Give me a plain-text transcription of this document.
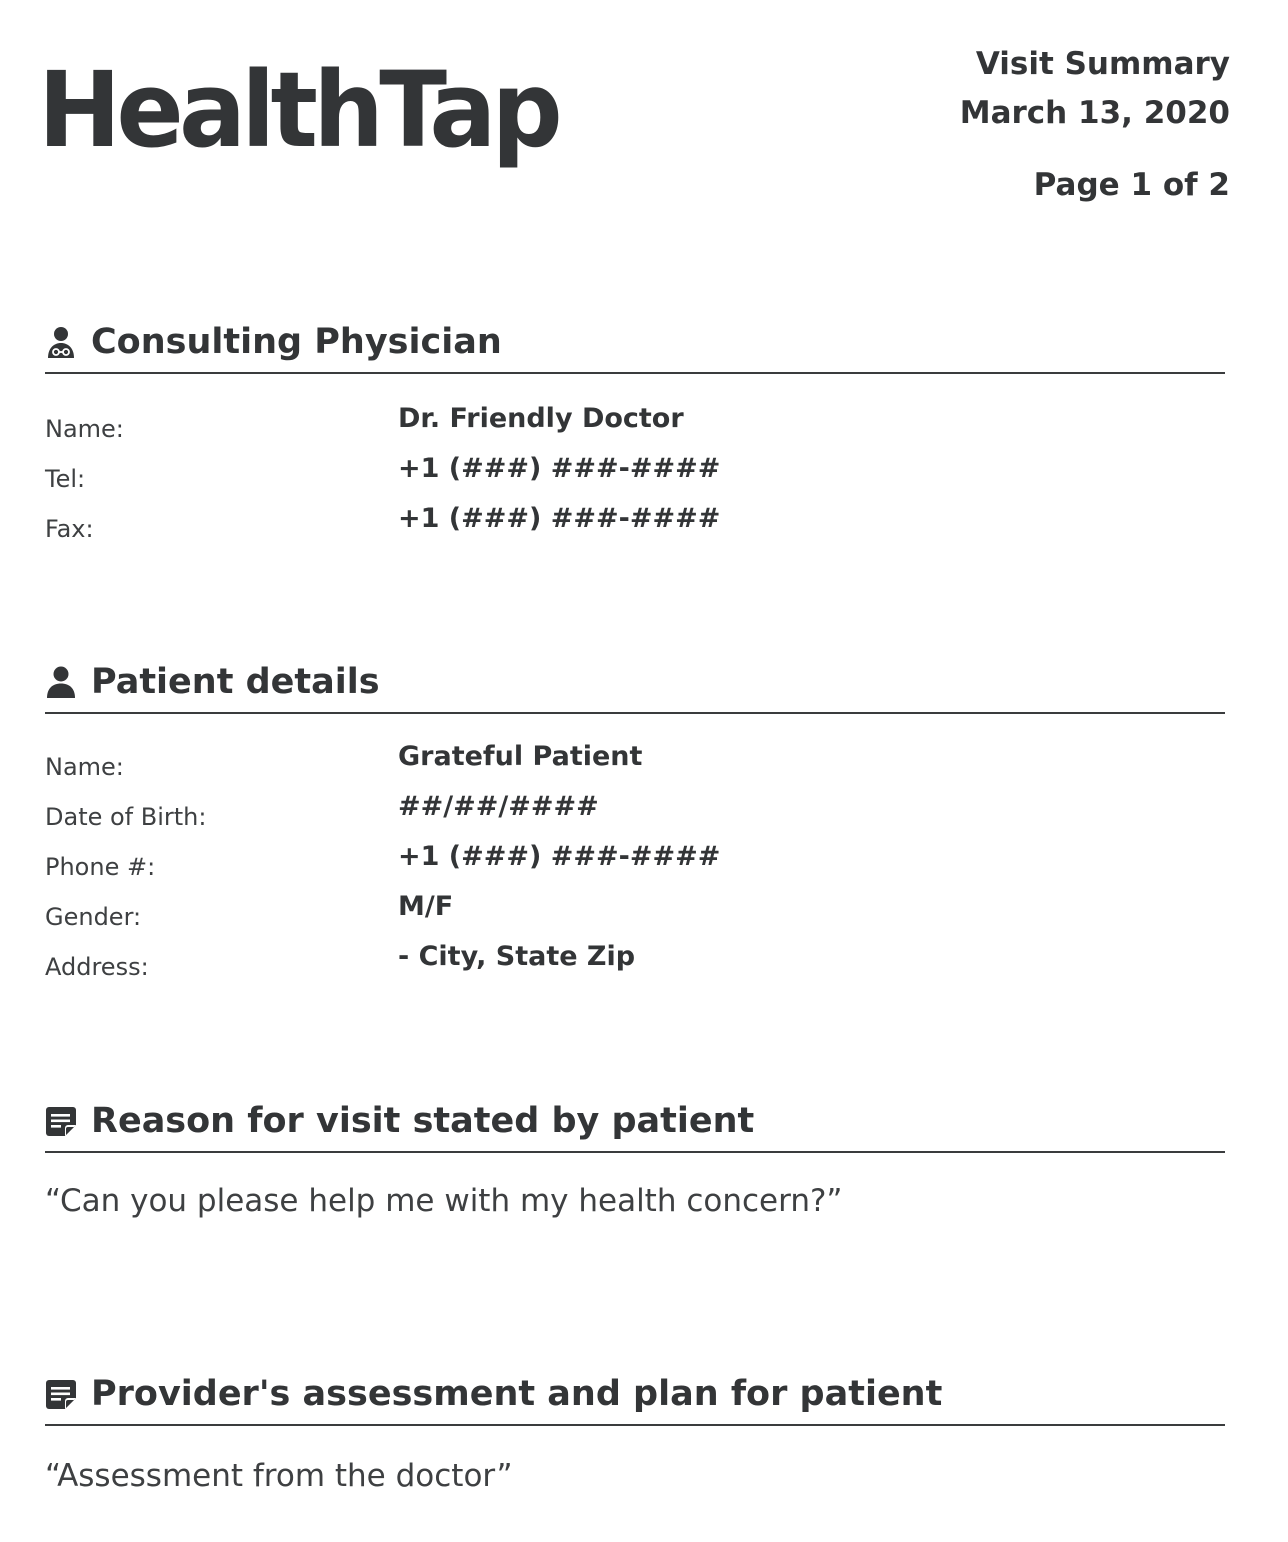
HealthTap	Visit Summary
March 13, 2020
Page 1 of 2
Consulting Physician
Name:	Dr. Friendly Doctor
Tel:	+1 (###) ###-####
Fax:	+1 (###) ###-####
Patient details
Name:	Grateful Patient
Date of Birth:	##/##/####
Phone #:	+1 (###) ###-####
Gender:	M/F
Address:	- City, State Zip
Reason for visit stated by patient
“Can you please help me with my health concern?”
Provider's assessment and plan for patient
“Assessment from the doctor”
